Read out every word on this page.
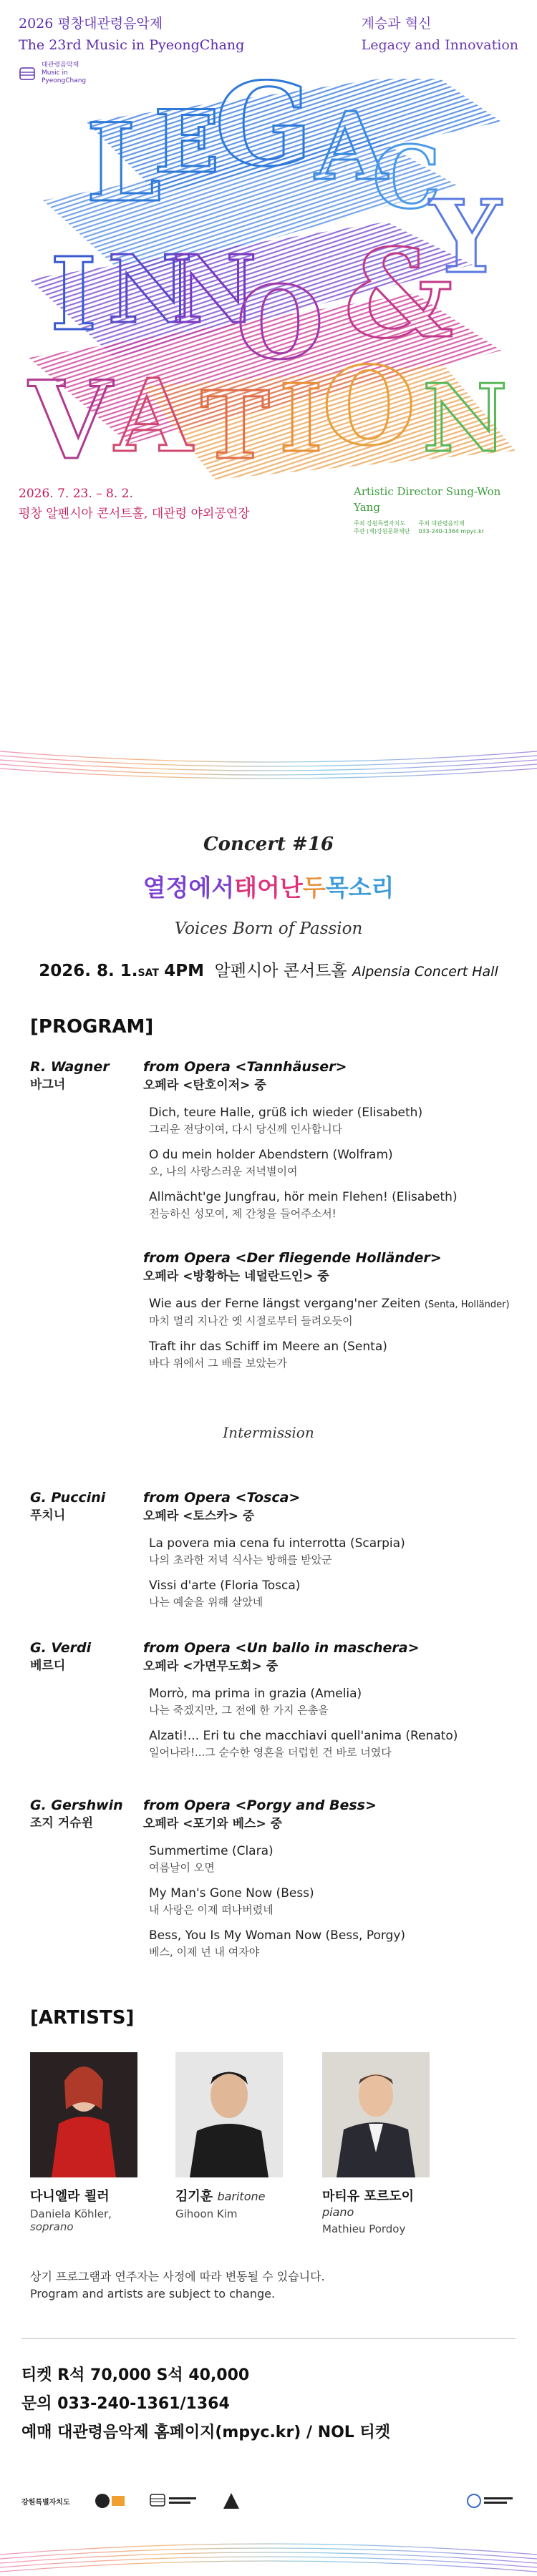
2026 평창대관령음악제
The 23rd Music in PyeongChang
대관령음악제
Music in
PyeongChang
계승과 혁신
Legacy and Innovation
L
E
G A
C
Y
I N
N
O &
V A T I O N
2026. 7. 23. – 8. 2.
평창 알펜시아 콘서트홀, 대관령 야외공연장
Artistic Director Sung-Won Yang
주최 강원특별자치도
주관 (재)강원문화재단
주최 대관령음악제
033-240-1364 mpyc.kr
Concert #16
열정에서태어난두목소리
Voices Born of Passion
2026. 8. 1.SAT 4PM 알펜시아 콘서트홀 Alpensia Concert Hall
[PROGRAM]
R. Wagner
바그너
from Opera <Tannhäuser>
오페라 <탄호이저> 중
Dich, teure Halle, grüß ich wieder (Elisabeth)
그리운 전당이여, 다시 당신께 인사합니다
O du mein holder Abendstern (Wolfram)
오, 나의 사랑스러운 저녁별이여
Allmächt'ge Jungfrau, hör mein Flehen! (Elisabeth)
전능하신 성모여, 제 간청을 들어주소서!
from Opera <Der fliegende Holländer>
오페라 <방황하는 네덜란드인> 중
Wie aus der Ferne längst vergang'ner Zeiten (Senta, Holländer)
마치 멀리 지나간 옛 시절로부터 들려오듯이
Traft ihr das Schiff im Meere an (Senta)
바다 위에서 그 배를 보았는가
Intermission
G. Puccini
푸치니
from Opera <Tosca>
오페라 <토스카> 중
La povera mia cena fu interrotta (Scarpia)
나의 초라한 저녁 식사는 방해를 받았군
Vissi d'arte (Floria Tosca)
나는 예술을 위해 살았네
G. Verdi
베르디
from Opera <Un ballo in maschera>
오페라 <가면무도회> 중
Morrò, ma prima in grazia (Amelia)
나는 죽겠지만, 그 전에 한 가지 은총을
Alzati!... Eri tu che macchiavi quell'anima (Renato)
일어나라!...그 순수한 영혼을 더럽힌 건 바로 너였다
G. Gershwin
조지 거슈윈
from Opera <Porgy and Bess>
오페라 <포기와 베스> 중
Summertime (Clara)
여름날이 오면
My Man's Gone Now (Bess)
내 사랑은 이제 떠나버렸네
Bess, You Is My Woman Now (Bess, Porgy)
베스, 이제 넌 내 여자야
[ARTISTS]
다니엘라 쾰러
Daniela Köhler, soprano
김기훈 baritone
Gihoon Kim
마티유 포르도이 piano
Mathieu Pordoy
상기 프로그램과 연주자는 사정에 따라 변동될 수 있습니다.
Program and artists are subject to change.
티켓 R석 70,000 S석 40,000
문의 033-240-1361/1364
예매 대관령음악제 홈페이지(mpyc.kr) / NOL 티켓
강원특별자치도
